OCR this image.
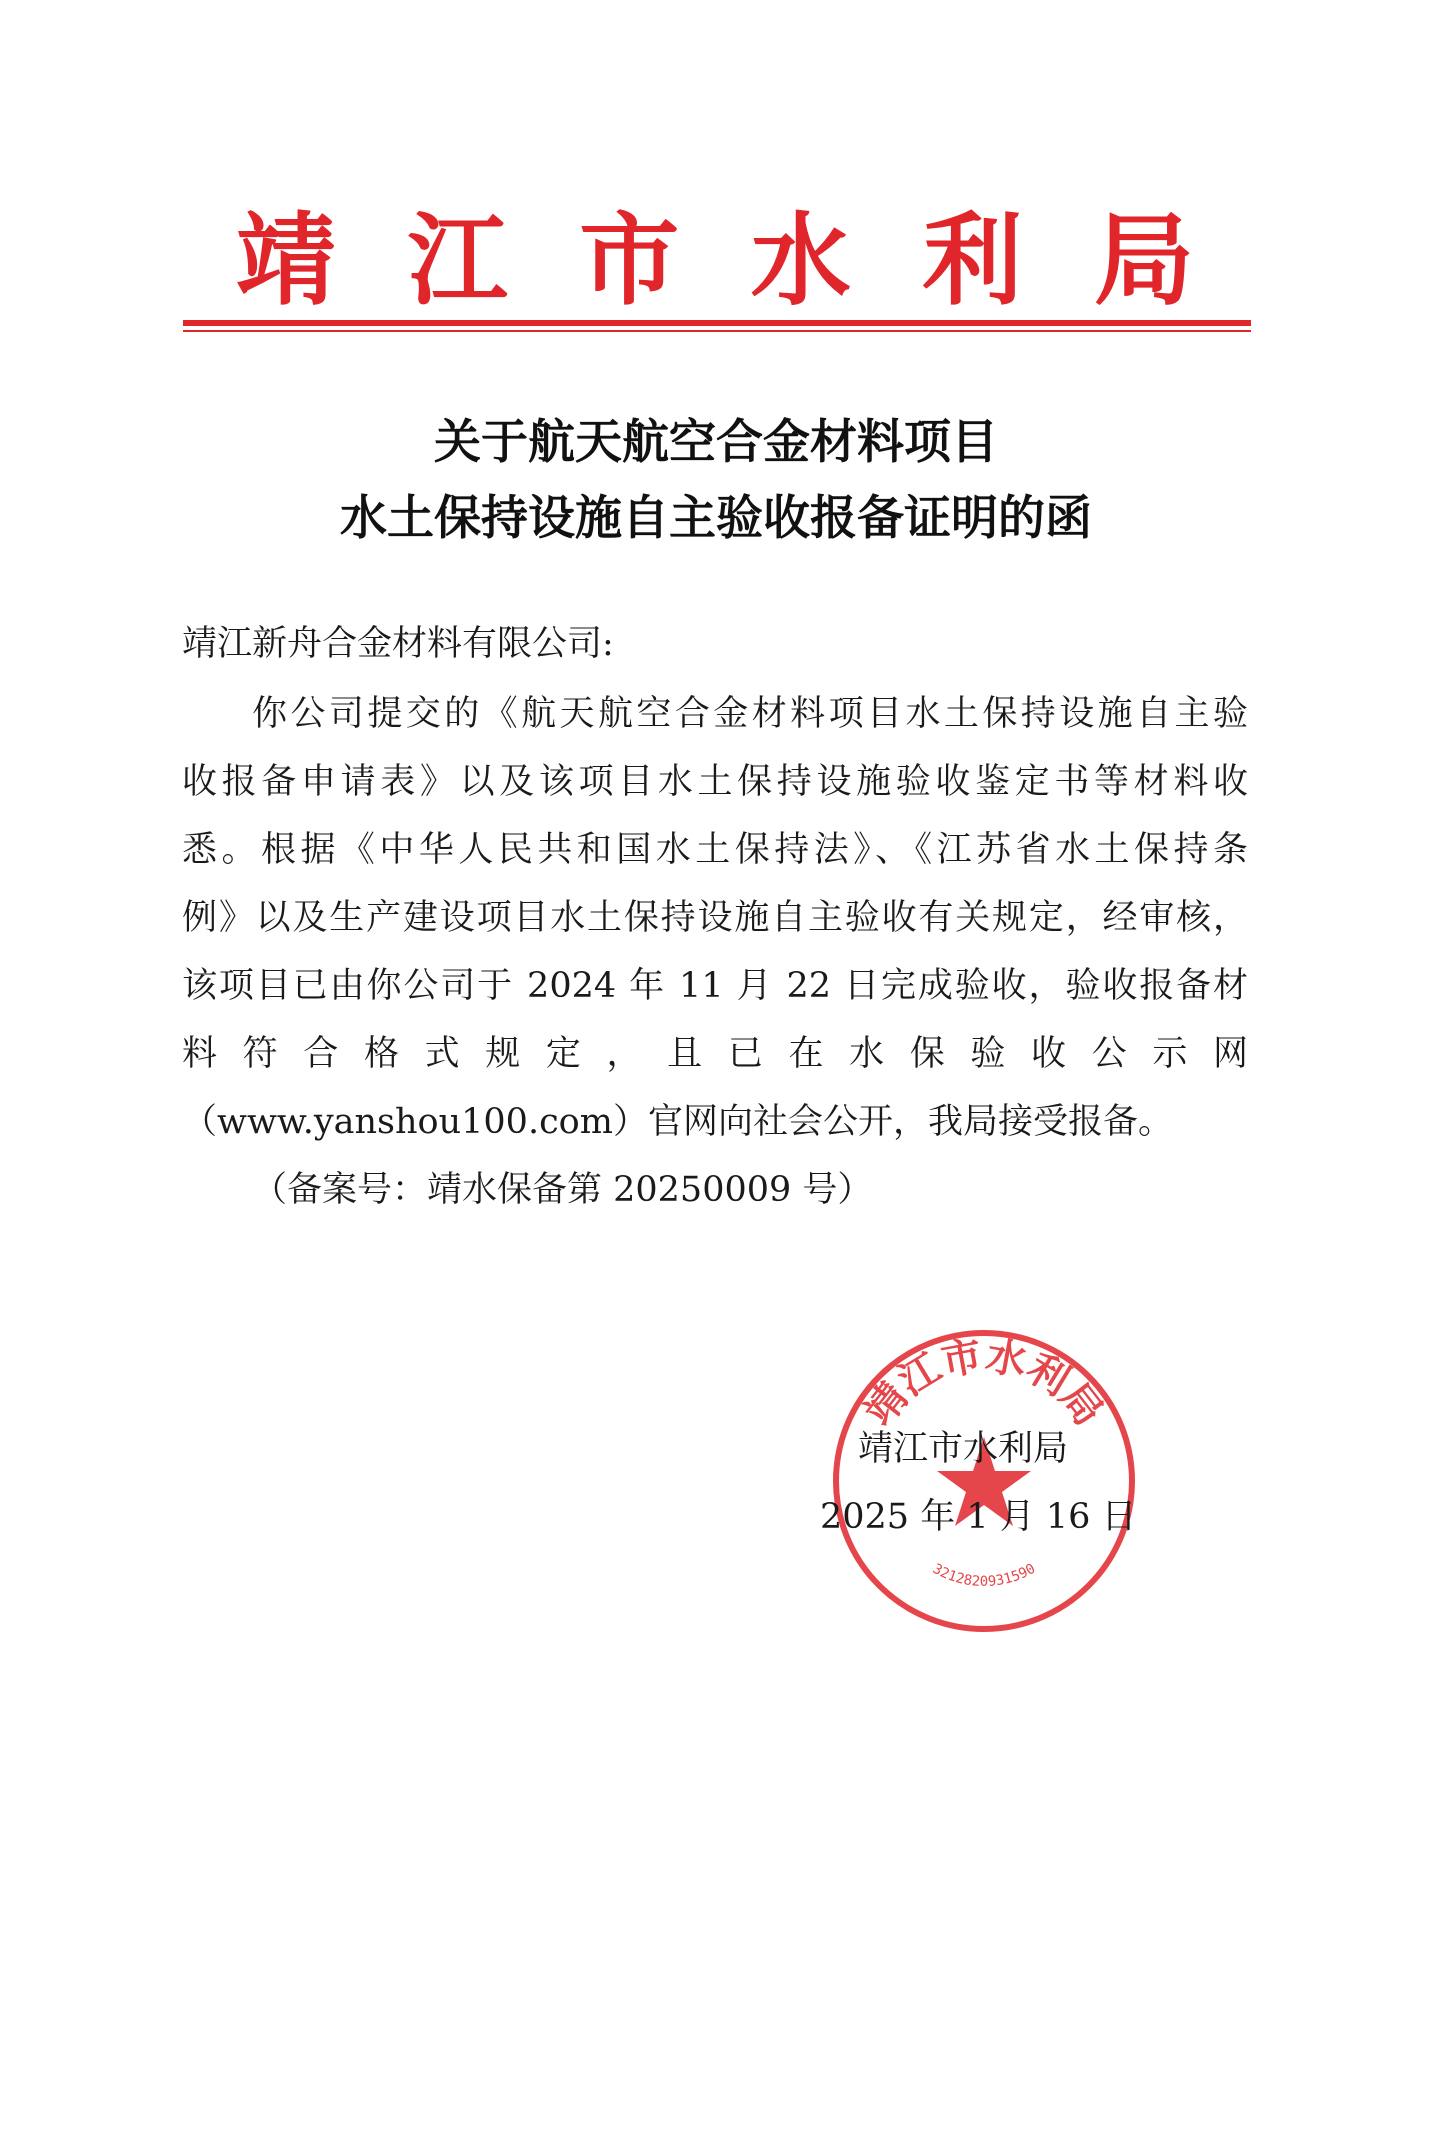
靖 江 市 水 利 局
关于航天航空合金材料项目
水土保持设施自主验收报备证明的函
靖江新舟合金材料有限公司:
你公司提交的《航天航空合金材料项目水土保持设施自主验
收报备申请表》以及该项目水土保持设施验收鉴定书等材料收
悉。根据《中华人民共和国水土保持法》、《江苏省水土保持条
例》以及生产建设项目水土保持设施自主验收有关规定，经审核，
该项目已由你公司于 2024 年 11 月 22 日完成验收，验收报备材
料符合格式规定，且已在水保验收公示网
（www.yanshou100.com）官网向社会公开，我局接受报备。
（备案号：靖水保备第 20250009 号）
靖江市水利局
3212820931590
靖江市水利局
2025 年 1 月 16 日
